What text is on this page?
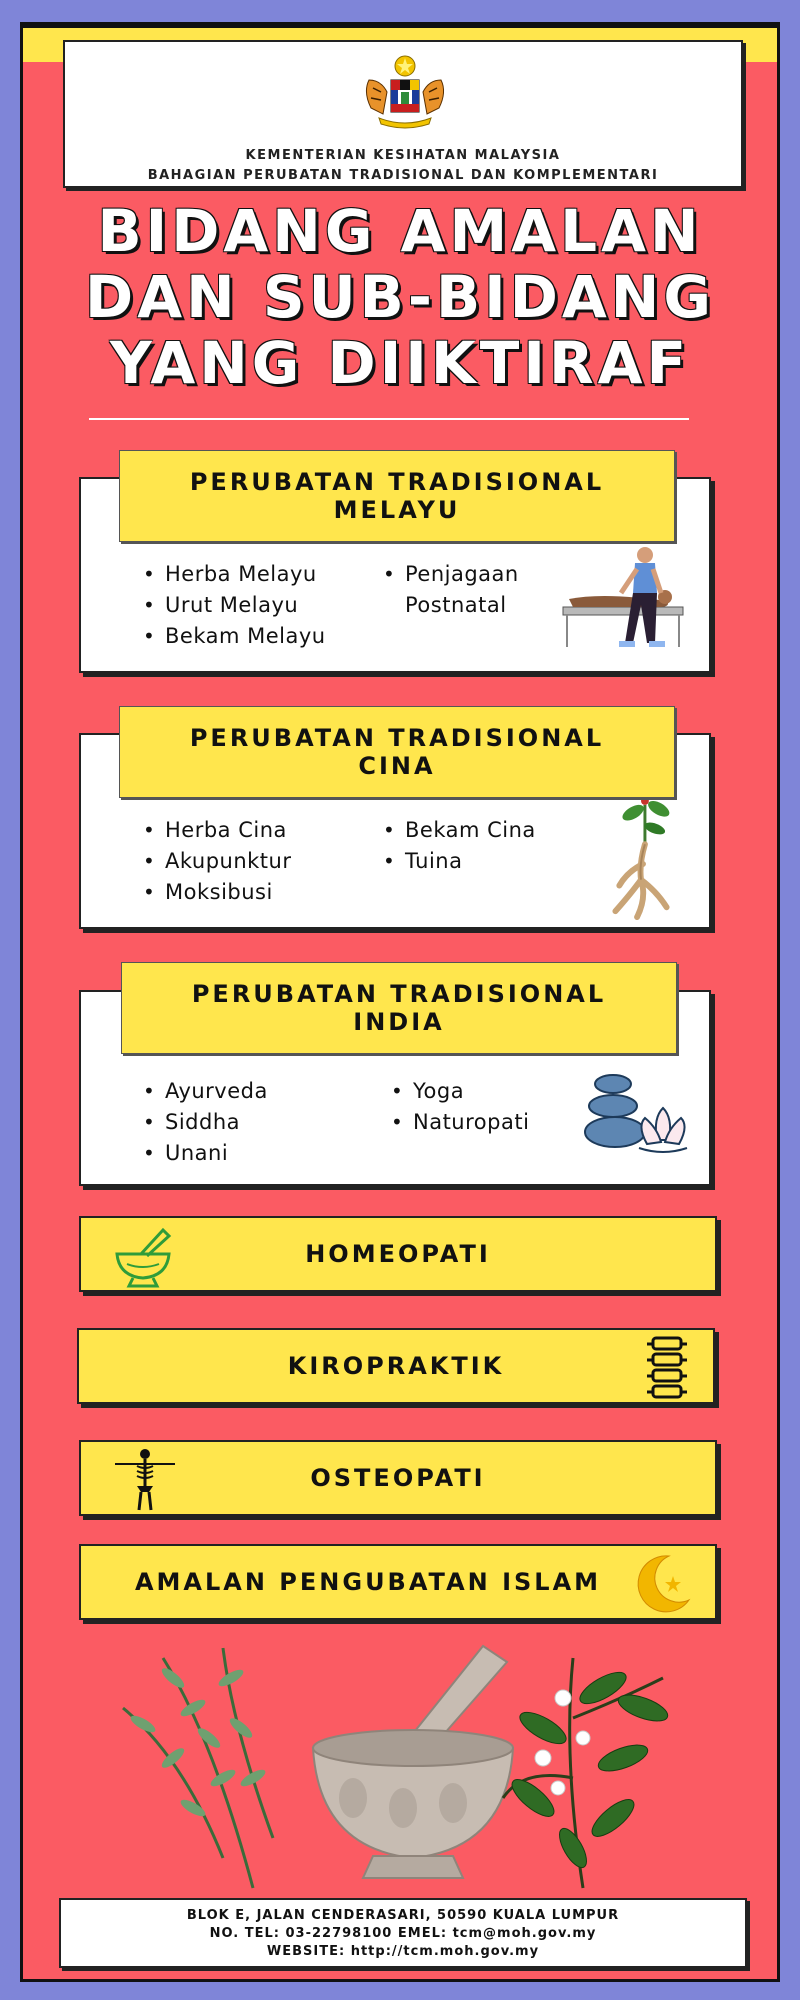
KEMENTERIAN KESIHATAN MALAYSIA
BAHAGIAN PERUBATAN TRADISIONAL DAN KOMPLEMENTARI
BIDANG AMALAN
DAN SUB-BIDANG
YANG DIIKTIRAF
• Herba Melayu
• Urut Melayu
• Bekam Melayu
• Penjagaan
Postnatal
PERUBATAN TRADISIONAL MELAYU
• Herba Cina
• Akupunktur
• Moksibusi
• Bekam Cina
• Tuina
PERUBATAN TRADISIONAL CINA
• Ayurveda
• Siddha
• Unani
• Yoga
• Naturopati
PERUBATAN TRADISIONAL INDIA
HOMEOPATI
KIROPRAKTIK
OSTEOPATI
AMALAN PENGUBATAN ISLAM
BLOK E, JALAN CENDERASARI, 50590 KUALA LUMPUR
NO. TEL: 03-22798100 EMEL: tcm@moh.gov.my
WEBSITE: http://tcm.moh.gov.my
